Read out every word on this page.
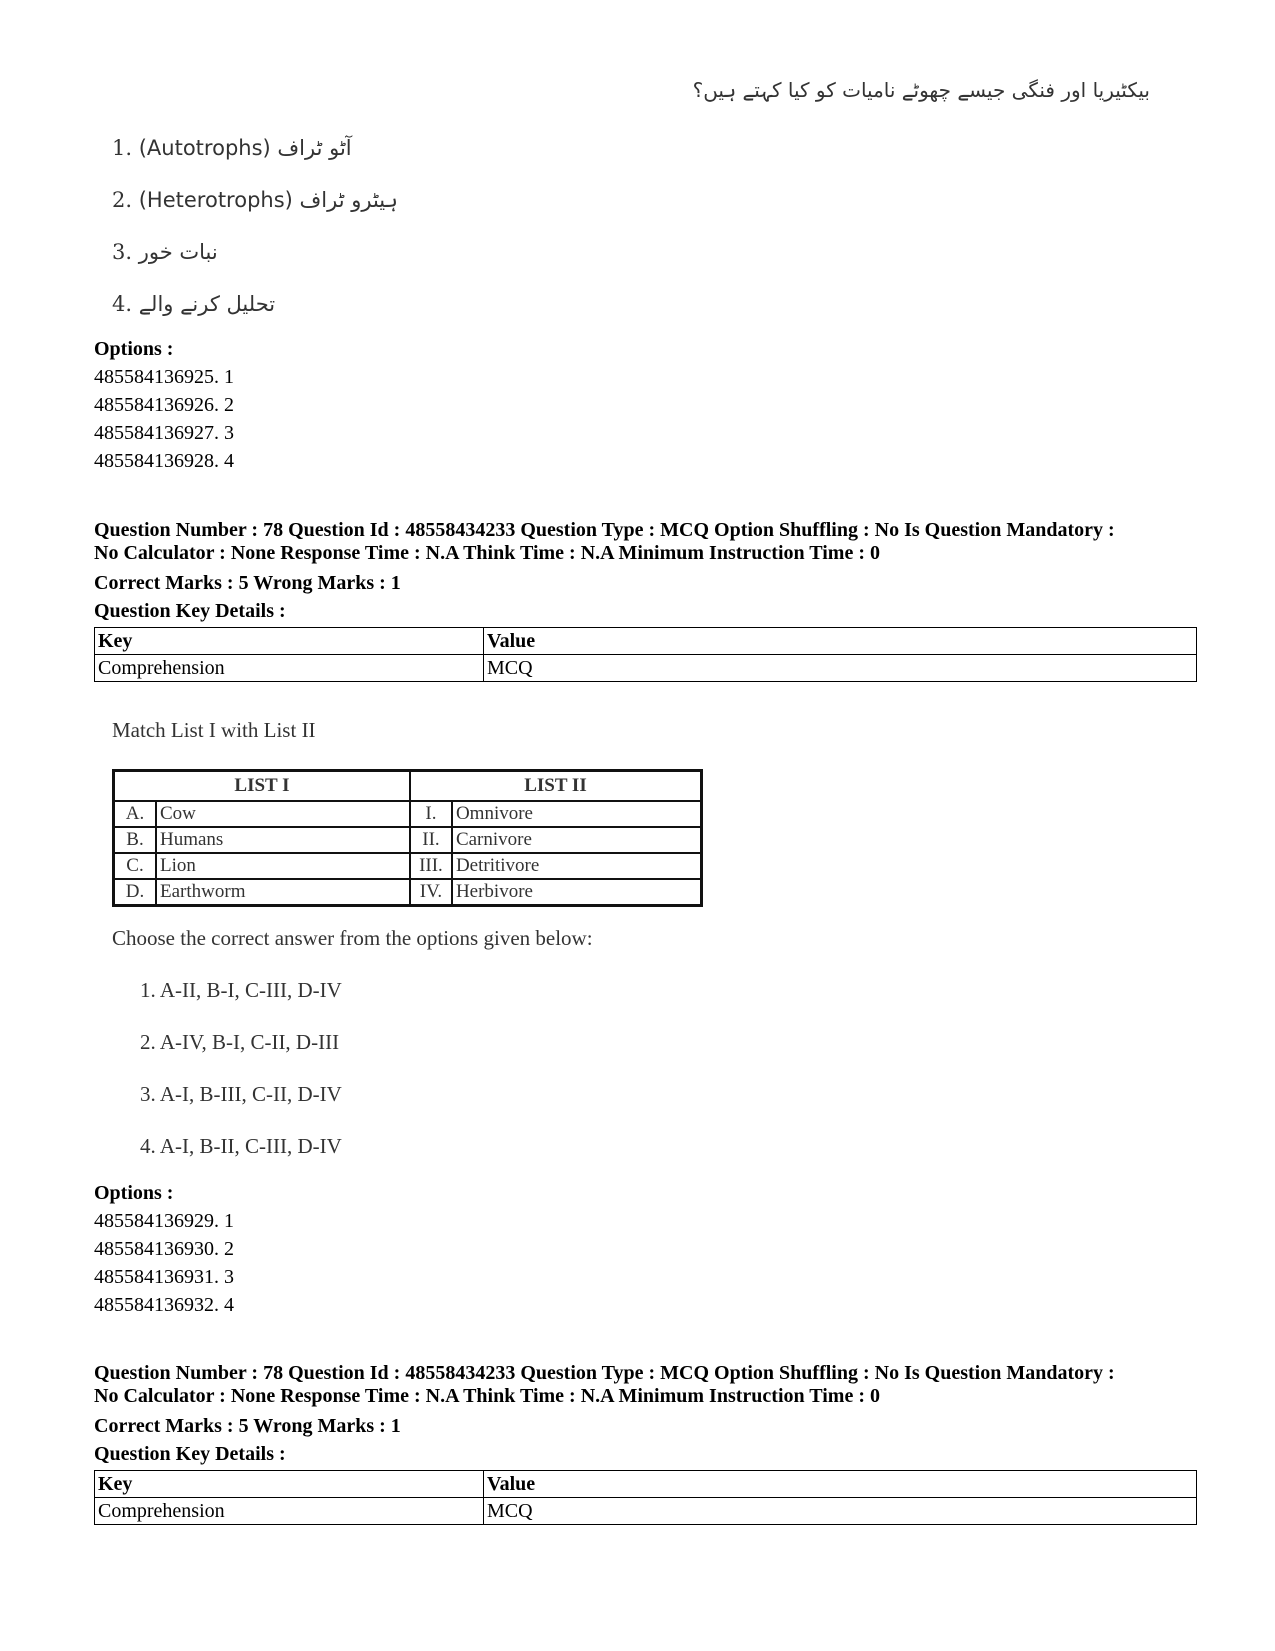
بیکٹیریا اور فنگی جیسے چھوٹے نامیات کو کیا کہتے ہیں؟
1. (Autotrophs) آٹو ٹراف
2. (Heterotrophs) ہیٹرو ٹراف
3. نبات خور
4. تحلیل کرنے والے
Options :
485584136925. 1
485584136926. 2
485584136927. 3
485584136928. 4
Question Number : 78 Question Id : 48558434233 Question Type : MCQ Option Shuffling : No Is Question Mandatory :
No Calculator : None Response Time : N.A Think Time : N.A Minimum Instruction Time : 0
Correct Marks : 5 Wrong Marks : 1
Question Key Details :
Key	Value
Comprehension	MCQ
Match List I with List II
LIST I		LIST II	
A.	Cow	I.	Omnivore
B.	Humans	II.	Carnivore
C.	Lion	III.	Detritivore
D.	Earthworm	IV.	Herbivore
Choose the correct answer from the options given below:
1. A-II, B-I, C-III, D-IV
2. A-IV, B-I, C-II, D-III
3. A-I, B-III, C-II, D-IV
4. A-I, B-II, C-III, D-IV
Options :
485584136929. 1
485584136930. 2
485584136931. 3
485584136932. 4
Question Number : 78 Question Id : 48558434233 Question Type : MCQ Option Shuffling : No Is Question Mandatory :
No Calculator : None Response Time : N.A Think Time : N.A Minimum Instruction Time : 0
Correct Marks : 5 Wrong Marks : 1
Question Key Details :
Key	Value
Comprehension	MCQ
